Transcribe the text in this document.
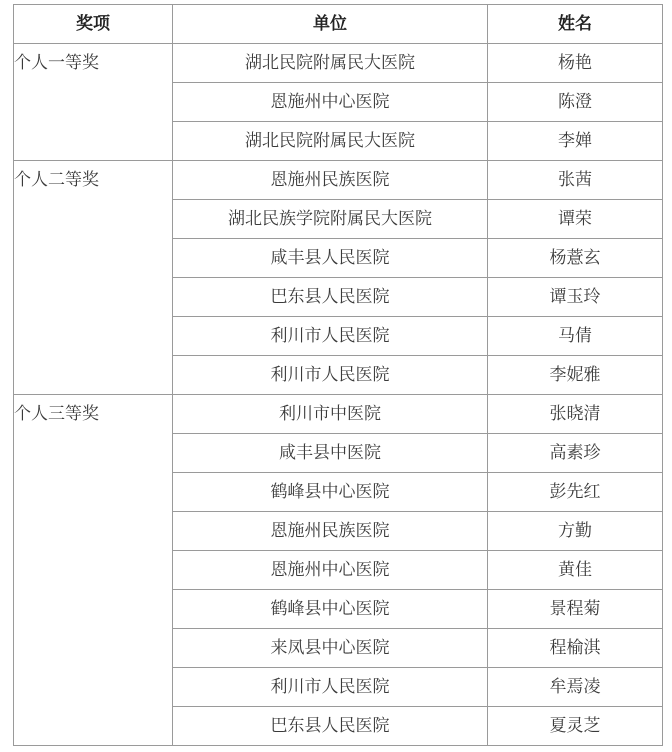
奖项	单位	姓名
个人一等奖	湖北民院附属民大医院	杨艳
	恩施州中心医院	陈澄
	湖北民院附属民大医院	李婵
个人二等奖	恩施州民族医院	张茜
	湖北民族学院附属民大医院	谭荣
	咸丰县人民医院	杨薏玄
	巴东县人民医院	谭玉玲
	利川市人民医院	马倩
	利川市人民医院	李妮雅
个人三等奖	利川市中医院	张晓清
	咸丰县中医院	高素珍
	鹤峰县中心医院	彭先红
	恩施州民族医院	方勤
	恩施州中心医院	黄佳
	鹤峰县中心医院	景程菊
	来凤县中心医院	程榆淇
	利川市人民医院	牟焉凌
	巴东县人民医院	夏灵芝
